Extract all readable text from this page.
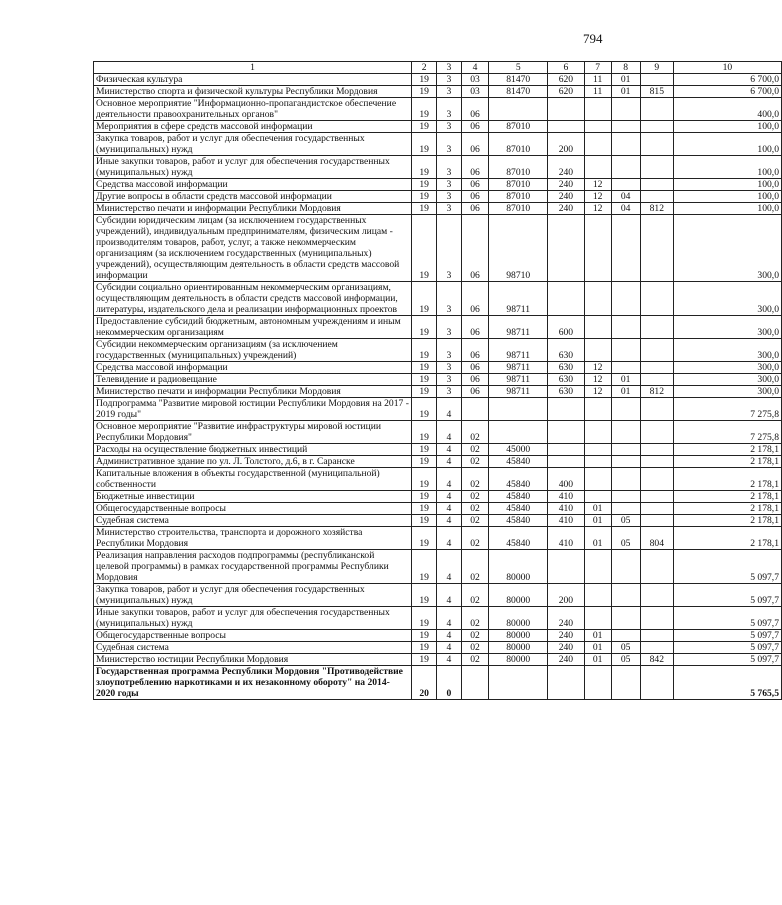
794
1	2	3	4	5	6	7	8	9	10
Физическая культура	19	3	03	81470	620	11	01		6 700,0
Министерство спорта и физической культуры Республики Мордовия	19	3	03	81470	620	11	01	815	6 700,0
Основное мероприятие "Информационно-пропагандистское обеспечение деятельности правоохранительных органов"	19	3	06						400,0
Мероприятия в сфере средств массовой информации	19	3	06	87010					100,0
Закупка товаров, работ и услуг для обеспечения государственных (муниципальных) нужд	19	3	06	87010	200				100,0
Иные закупки товаров, работ и услуг для обеспечения государственных (муниципальных) нужд	19	3	06	87010	240				100,0
Средства массовой информации	19	3	06	87010	240	12			100,0
Другие вопросы в области средств массовой информации	19	3	06	87010	240	12	04		100,0
Министерство печати и информации Республики Мордовия	19	3	06	87010	240	12	04	812	100,0
Субсидии юридическим лицам (за исключением государственных учреждений), индивидуальным предпринимателям, физическим лицам - производителям товаров, работ, услуг, а также некоммерческим организациям (за исключением государственных (муниципальных) учреждений), осуществляющим деятельность в области средств массовой информации	19	3	06	98710					300,0
Субсидии социально ориентированным некоммерческим организациям, осуществляющим деятельность в области средств массовой информации, литературы, издательского дела и реализации информационных проектов	19	3	06	98711					300,0
Предоставление субсидий бюджетным, автономным учреждениям и иным некоммерческим организациям	19	3	06	98711	600				300,0
Субсидии некоммерческим организациям (за исключением государственных (муниципальных) учреждений)	19	3	06	98711	630				300,0
Средства массовой информации	19	3	06	98711	630	12			300,0
Телевидение и радиовещание	19	3	06	98711	630	12	01		300,0
Министерство печати и информации Республики Мордовия	19	3	06	98711	630	12	01	812	300,0
Подпрограмма "Развитие мировой юстиции Республики Мордовия на 2017 - 2019 годы"	19	4							7 275,8
Основное мероприятие "Развитие инфраструктуры мировой юстиции Республики Мордовия"	19	4	02						7 275,8
Расходы на осуществление бюджетных инвестиций	19	4	02	45000					2 178,1
Административное здание по ул. Л. Толстого, д.6, в г. Саранске	19	4	02	45840					2 178,1
Капитальные вложения в объекты государственной (муниципальной) собственности	19	4	02	45840	400				2 178,1
Бюджетные инвестиции	19	4	02	45840	410				2 178,1
Общегосударственные вопросы	19	4	02	45840	410	01			2 178,1
Судебная система	19	4	02	45840	410	01	05		2 178,1
Министерство строительства, транспорта и дорожного хозяйства Республики Мордовия	19	4	02	45840	410	01	05	804	2 178,1
Реализация направления расходов подпрограммы (республиканской целевой программы) в рамках государственной программы Республики Мордовия	19	4	02	80000					5 097,7
Закупка товаров, работ и услуг для обеспечения государственных (муниципальных) нужд	19	4	02	80000	200				5 097,7
Иные закупки товаров, работ и услуг для обеспечения государственных (муниципальных) нужд	19	4	02	80000	240				5 097,7
Общегосударственные вопросы	19	4	02	80000	240	01			5 097,7
Судебная система	19	4	02	80000	240	01	05		5 097,7
Министерство юстиции Республики Мордовия	19	4	02	80000	240	01	05	842	5 097,7
Государственная программа Республики Мордовия "Противодействие злоупотреблению наркотиками и их незаконному обороту" на 2014-2020 годы	20	0							5 765,5
